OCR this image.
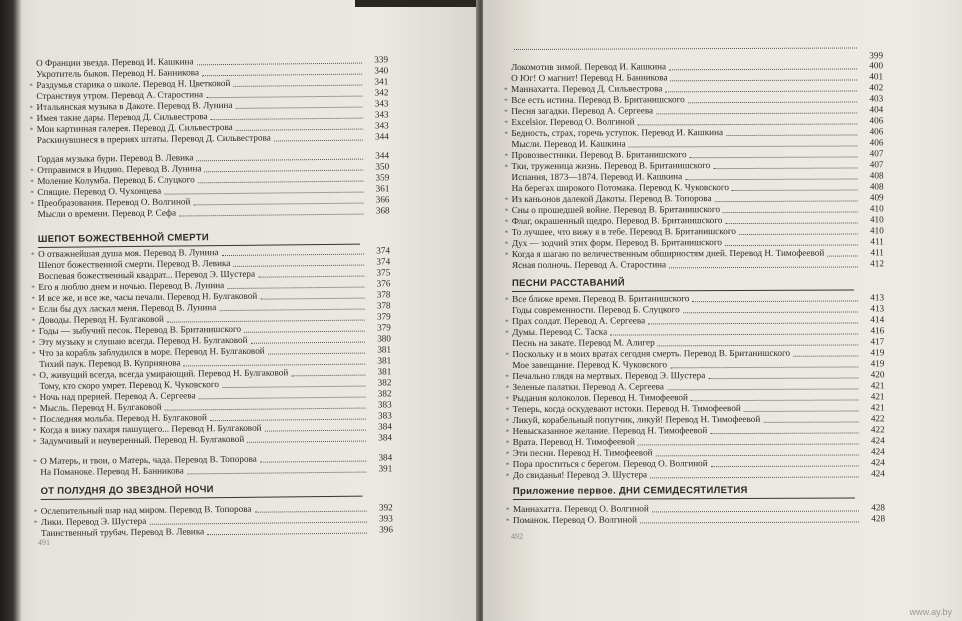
О Франции звезда. Перевод И. Кашкина	339
Укротитель быков. Перевод Н. Банникова	340
* Раздумья старика о школе. Перевод Н. Цветковой	341
Странствуя утром. Перевод А. Старостина	342
* Итальянская музыка в Дакоте. Перевод В. Лунина	343
* Имея такие дары. Перевод Д. Сильвестрова	343
* Мои картинная галерея. Перевод Д. Сильвестрова	343
Раскинувшиеся в прериях штаты. Перевод Д. Сильвестрова	344
Гордая музыка бури. Перевод В. Левика	344
* Отправимся в Индию. Перевод В. Лунина	350
* Моление Колумба. Перевод Б. Слуцкого	359
* Спящие. Перевод О. Чухонцева	361
* Преобразования. Перевод О. Волгиной	366
Мысли о времени. Перевод Р. Сефа	368
* О отважнейшая душа моя. Перевод В. Лунина	374
Шепот божественной смерти. Перевод В. Левика	374
Воспевая божественный квадрат... Перевод Э. Шустера	375
* Его я люблю днем и ночью. Перевод В. Лунина	376
* И все же, и все же, часы печали. Перевод Н. Булгаковой	378
* Если бы дух ласкал меня. Перевод В. Лунина	378
* Доводы. Перевод Н. Булгаковой	379
* Годы — зыбучий песок. Перевод В. Британишского	379
* Эту музыку и слушаю всегда. Перевод Н. Булгаковой	380
* Что за корабль заблудился в море. Перевод Н. Булгаковой	381
Тихий паук. Перевод В. Куприянова	381
* О, живущий всегда, всегда умирающий. Перевод Н. Булгаковой	381
Тому, кто скоро умрет. Перевод К. Чуковского	382
* Ночь над прерией. Перевод А. Сергеева	382
* Мысль. Перевод Н. Булгаковой	383
* Последняя мольба. Перевод Н. Булгаковой	383
* Когда я вижу пахаря пашущего... Перевод Н. Булгаковой	384
* Задумчивый и неуверенный. Перевод Н. Булгаковой	384
* О Матерь, и твои, о Матерь, чада. Перевод В. Топорова	384
На Поманоке. Перевод Н. Банникова	391
* Ослепительный шар над миром. Перевод В. Топорова	392
* Лики. Перевод Э. Шустера	393
Таинственный трубач. Перевод В. Левика	396
ШЕПОТ БОЖЕСТВЕННОЙ СМЕРТИ
ОТ ПОЛУДНЯ ДО ЗВЕЗДНОЙ НОЧИ
491
399
Локомотив зимой. Перевод И. Кашкина	400
О Юг! О магнит! Перевод Н. Банникова	401
* Маннахатта. Перевод Д. Сильвестрова	402
* Все есть истина. Перевод В. Британишского	403
* Песня загадки. Перевод А. Сергеева	404
* Excelsior. Перевод О. Волгиной	406
* Бедность, страх, горечь уступок. Перевод И. Кашкина	406
Мысли. Перевод И. Кашкина	406
* Провозвестники. Перевод В. Британишского	407
* Тки, труженица жизнь. Перевод В. Британишского	407
Испания, 1873—1874. Перевод И. Кашкина	408
На берегах широкого Потомака. Перевод К. Чуковского	408
* Из каньонов далекой Дакоты. Перевод В. Топорова	409
* Сны о прошедшей войне. Перевод В. Британишского	410
* Флаг, окрашенный щедро. Перевод В. Британишского	410
* То лучшее, что вижу я в тебе. Перевод В. Британишского	410
* Дух — зодчий этих форм. Перевод В. Британишского	411
* Когда я шагаю по величественным обширностям дней. Перевод Н. Тимофеевой	411
Ясная полночь. Перевод А. Старостина	412
* Все ближе время. Перевод В. Британишского	413
Годы современности. Перевод Б. Слуцкого	413
* Прах солдат. Перевод А. Сергеева	414
* Думы. Перевод С. Таска	416
Песнь на закате. Перевод М. Алигер	417
* Поскольку и в моих вратах сегодня смерть. Перевод В. Британишского	419
Мое завещание. Перевод К. Чуковского	419
* Печально глядя на мертвых. Перевод Э. Шустера	420
* Зеленые палатки. Перевод А. Сергеева	421
* Рыдания колоколов. Перевод Н. Тимофеевой	421
* Теперь, когда оскудевают истоки. Перевод Н. Тимофеевой	421
* Ликуй, корабельный попутчик, ликуй! Перевод Н. Тимофеевой	422
* Невысказанное желание. Перевод Н. Тимофеевой	422
* Врата. Перевод Н. Тимофеевой	424
* Эти песни. Перевод Н. Тимофеевой	424
* Пора проститься с берегом. Перевод О. Волгиной	424
* До свиданья! Перевод Э. Шустера	424
* Маннахатта. Перевод О. Волгиной	428
* Поманок. Перевод О. Волгиной	428
ПЕСНИ РАССТАВАНИЙ
Приложение первое. ДНИ СЕМИДЕСЯТИЛЕТИЯ
492
www.ay.by
